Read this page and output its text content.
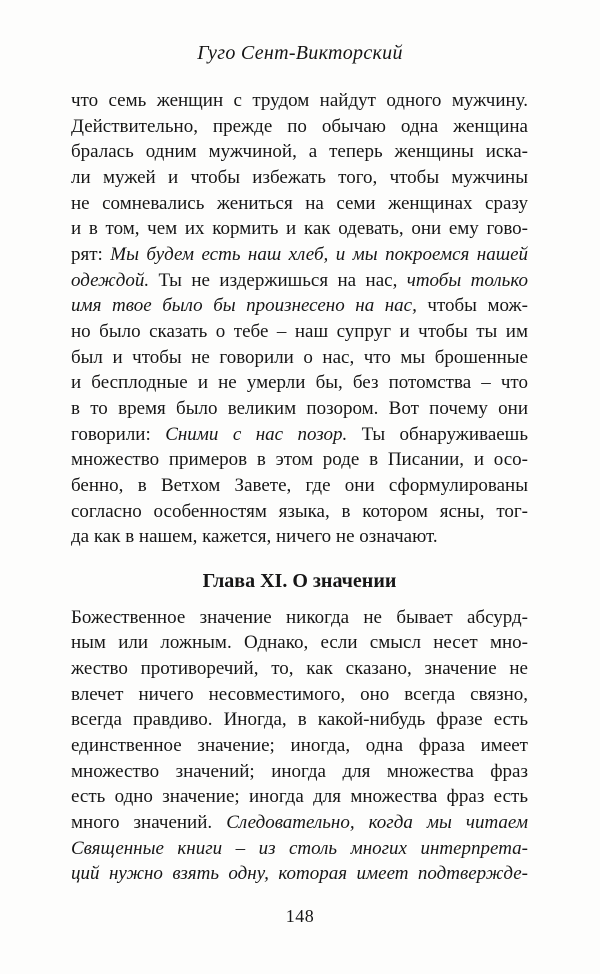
Гуго Сент-Викторский
что семь женщин с трудом найдут одного мужчину.
Действительно, прежде по обычаю одна женщина
бралась одним мужчиной, а теперь женщины иска-
ли мужей и чтобы избежать того, чтобы мужчины
не сомневались жениться на семи женщинах сразу
и в том, чем их кормить и как одевать, они ему гово-
рят: Мы будем есть наш хлеб, и мы покроемся нашей
одеждой. Ты не издержишься на нас, чтобы только
имя твое было бы произнесено на нас, чтобы мож-
но было сказать о тебе – наш супруг и чтобы ты им
был и чтобы не говорили о нас, что мы брошенные
и бесплодные и не умерли бы, без потомства – что
в то время было великим позором. Вот почему они
говорили: Сними с нас позор. Ты обнаруживаешь
множество примеров в этом роде в Писании, и осо-
бенно, в Ветхом Завете, где они сформулированы
согласно особенностям языка, в котором ясны, тог-
да как в нашем, кажется, ничего не означают.
Глава XI. О значении
Божественное значение никогда не бывает абсурд-
ным или ложным. Однако, если смысл несет мно-
жество противоречий, то, как сказано, значение не
влечет ничего несовместимого, оно всегда связно,
всегда правдиво. Иногда, в какой-нибудь фразе есть
единственное значение; иногда, одна фраза имеет
множество значений; иногда для множества фраз
есть одно значение; иногда для множества фраз есть
много значений. Следовательно, когда мы читаем
Священные книги – из столь многих интерпрета-
ций нужно взять одну, которая имеет подтвержде-
148
